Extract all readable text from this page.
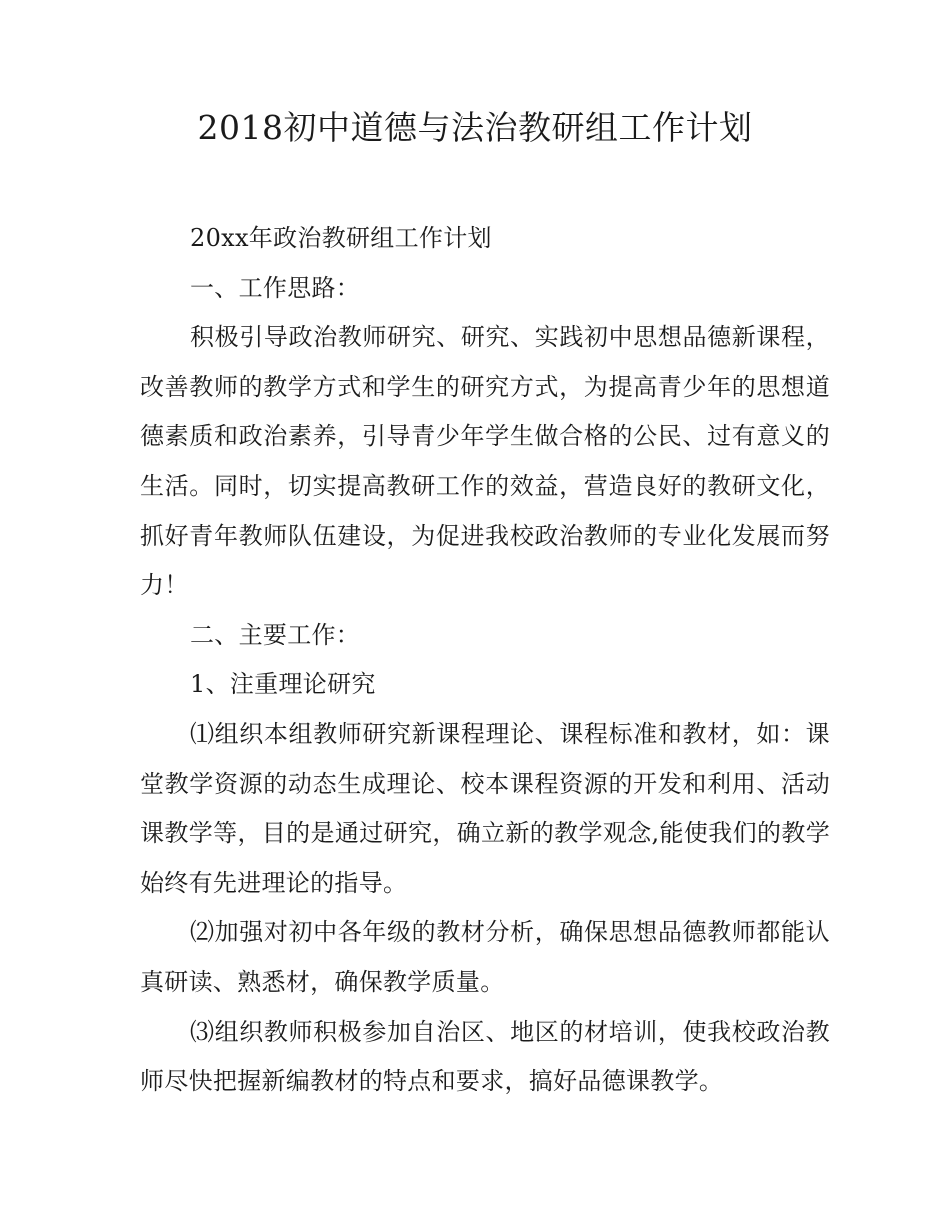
2018初中道德与法治教研组工作计划

20xx年政治教研组工作计划

一、工作思路：

积极引导政治教师研究、研究、实践初中思想品德新课程，改善教师的教学方式和学生的研究方式，为提高青少年的思想道德素质和政治素养，引导青少年学生做合格的公民、过有意义的生活。同时，切实提高教研工作的效益，营造良好的教研文化，抓好青年教师队伍建设，为促进我校政治教师的专业化发展而努力！

二、主要工作：

1、注重理论研究

⑴组织本组教师研究新课程理论、课程标准和教材，如：课堂教学资源的动态生成理论、校本课程资源的开发和利用、活动课教学等，目的是通过研究，确立新的教学观念,能使我们的教学始终有先进理论的指导。

⑵加强对初中各年级的教材分析，确保思想品德教师都能认真研读、熟悉材，确保教学质量。

⑶组织教师积极参加自治区、地区的材培训，使我校政治教师尽快把握新编教材的特点和要求，搞好品德课教学。
